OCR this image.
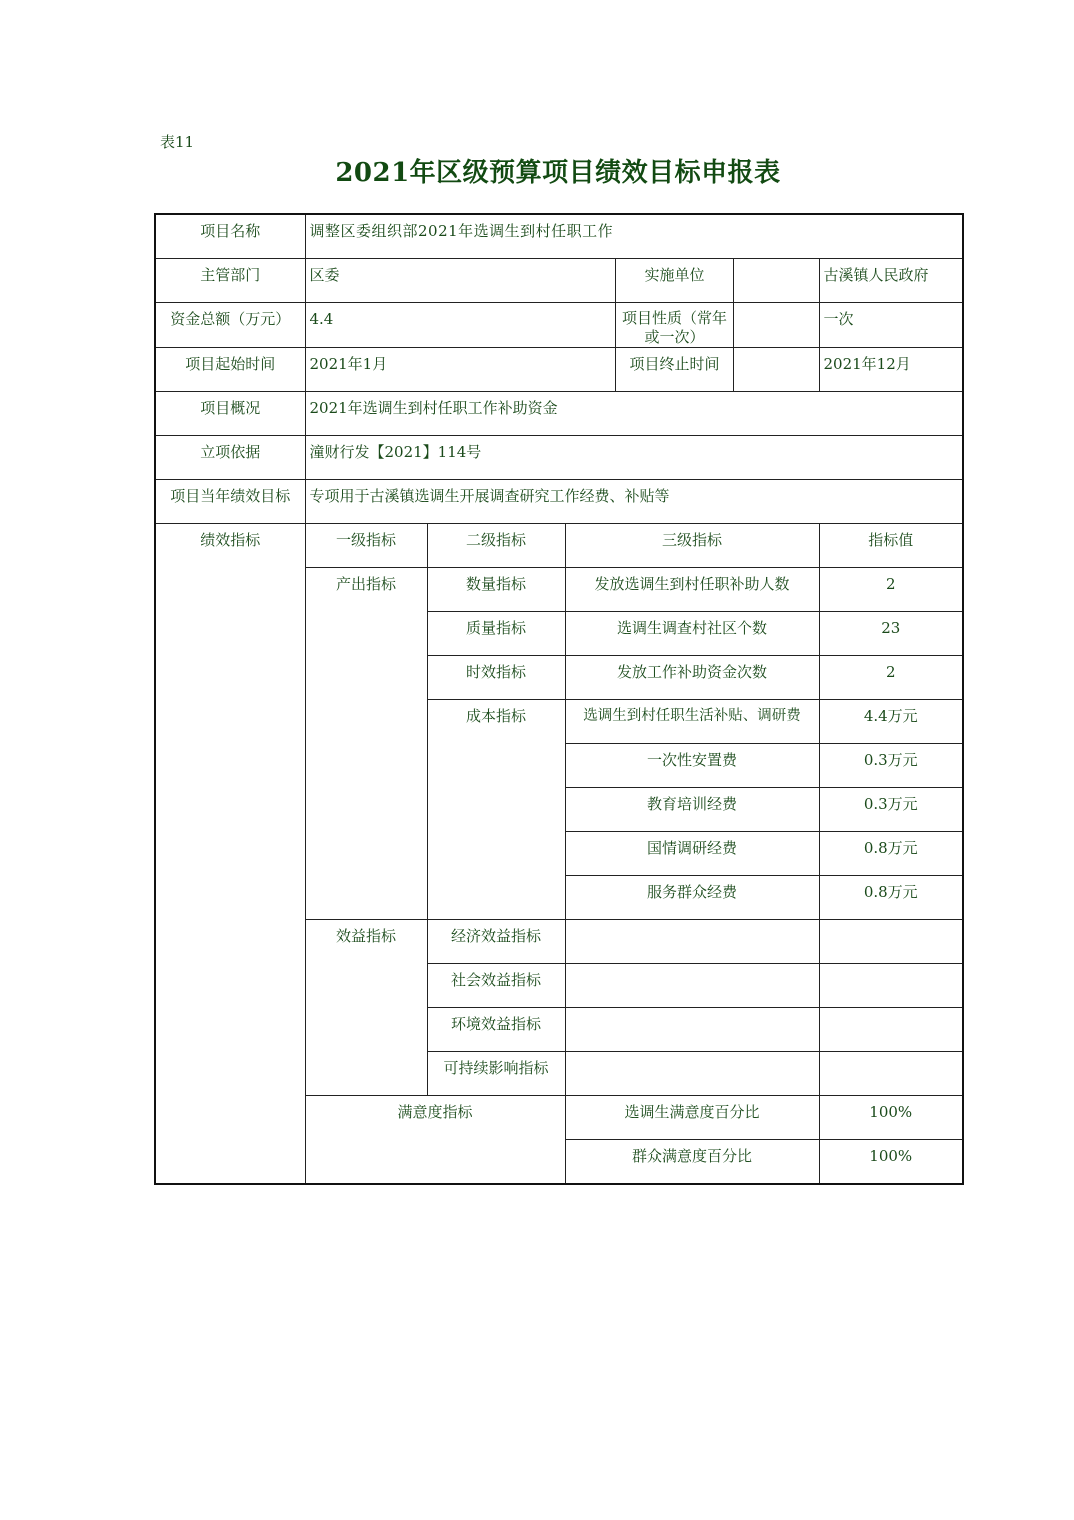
表11
2021年区级预算项目绩效目标申报表
项目名称	调整区委组织部2021年选调生到村任职工作			
主管部门	区委		实施单位	古溪镇人民政府
资金总额（万元）	4.4		项目性质（常年或一次）	一次
项目起始时间	2021年1月		项目终止时间	2021年12月
项目概况	2021年选调生到村任职工作补助资金			
立项依据	潼财行发【2021】114号			
项目当年绩效目标	专项用于古溪镇选调生开展调查研究工作经费、补贴等			
绩效指标	一级指标	二级指标	三级指标	指标值
	产出指标	数量指标	发放选调生到村任职补助人数	2
		质量指标	选调生调查村社区个数	23
		时效指标	发放工作补助资金次数	2
		成本指标	选调生到村任职生活补贴、调研费	4.4万元
			一次性安置费	0.3万元
			教育培训经费	0.3万元
			国情调研经费	0.8万元
			服务群众经费	0.8万元
	效益指标	经济效益指标		
		社会效益指标		
		环境效益指标		
		可持续影响指标		
	满意度指标		选调生满意度百分比	100%
			群众满意度百分比	100%
